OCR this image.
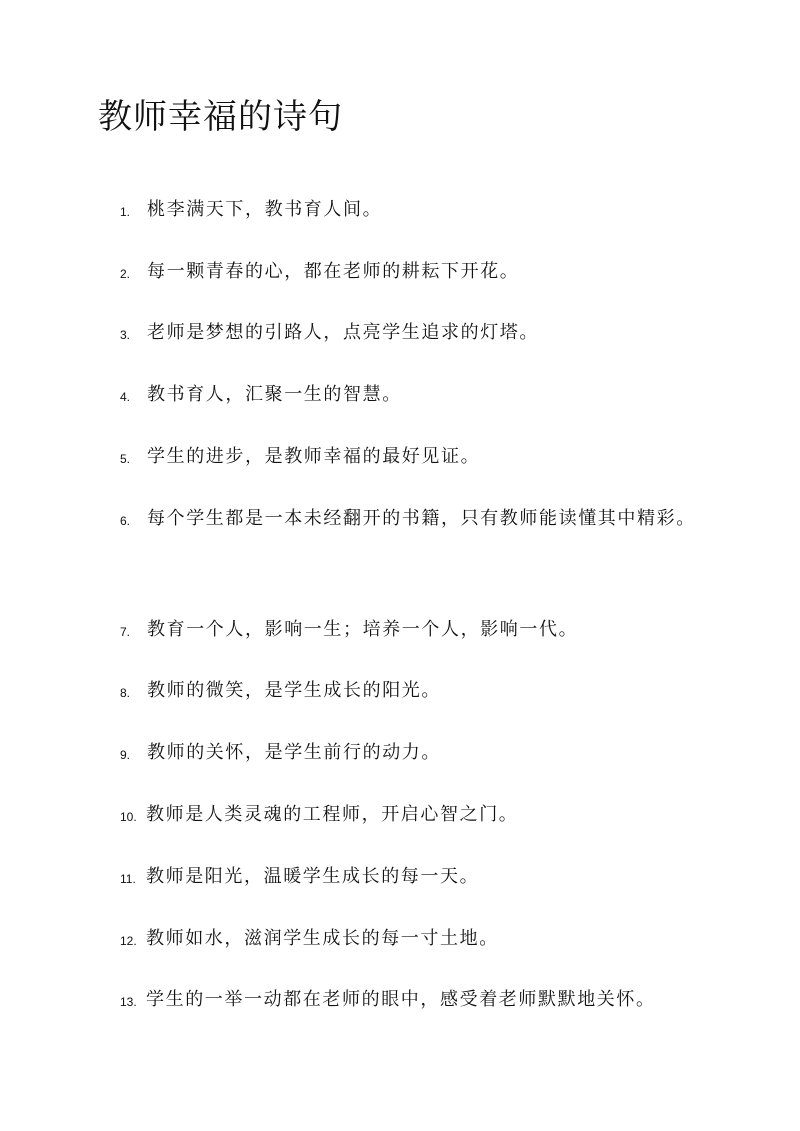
教师幸福的诗句
1. 桃李满天下，教书育人间。
2. 每一颗青春的心，都在老师的耕耘下开花。
3. 老师是梦想的引路人，点亮学生追求的灯塔。
4. 教书育人，汇聚一生的智慧。
5. 学生的进步，是教师幸福的最好见证。
6. 每个学生都是一本未经翻开的书籍，只有教师能读懂其中精彩。
7. 教育一个人，影响一生；培养一个人，影响一代。
8. 教师的微笑，是学生成长的阳光。
9. 教师的关怀，是学生前行的动力。
10. 教师是人类灵魂的工程师，开启心智之门。
11. 教师是阳光，温暖学生成长的每一天。
12. 教师如水，滋润学生成长的每一寸土地。
13. 学生的一举一动都在老师的眼中，感受着老师默默地关怀。
